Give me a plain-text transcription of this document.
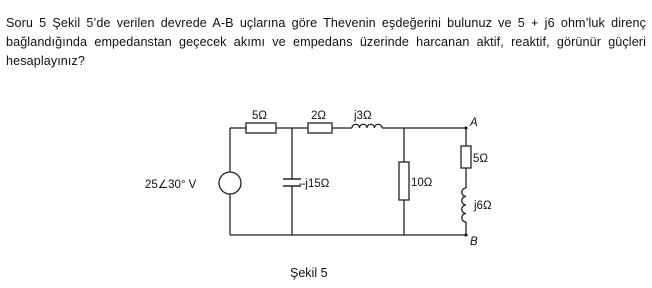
Soru 5 Şekil 5’de verilen devrede A-B uçlarına göre Thevenin eşdeğerini bulunuz ve 5 + j6 ohm’luk direnç bağlandığında empedanstan geçecek akımı ve empedans üzerinde harcanan aktif, reaktif, görünür güçleri hesaplayınız?
25∠30° V
5Ω	2Ω j3Ω
–j15Ω	10Ω
5Ω
j6Ω
A
B
Şekil 5
